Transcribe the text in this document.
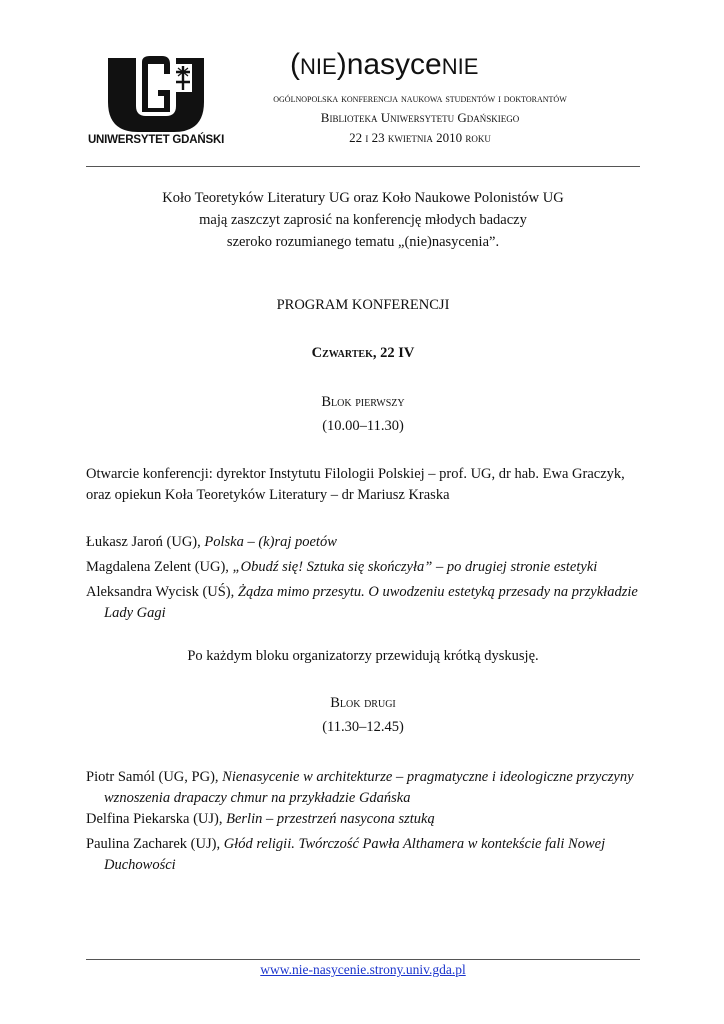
UNIWERSYTET GDAŃSKI
(NIE)nasyceNIE
ogólnopolska konferencja naukowa studentów i doktorantów
Biblioteka Uniwersytetu Gdańskiego
22 i 23 kwietnia 2010 roku
Koło Teoretyków Literatury UG oraz Koło Naukowe Polonistów UG
mają zaszczyt zaprosić na konferencję młodych badaczy
szeroko rozumianego tematu „(nie)nasycenia”.
PROGRAM KONFERENCJI
Czwartek, 22 IV
Blok pierwszy
(10.00–11.30)
Otwarcie konferencji: dyrektor Instytutu Filologii Polskiej – prof. UG, dr hab. Ewa Graczyk, oraz opiekun Koła Teoretyków Literatury – dr Mariusz Kraska
Łukasz Jaroń (UG), Polska – (k)raj poetów
Magdalena Zelent (UG), „Obudź się! Sztuka się skończyła” – po drugiej stronie estetyki
Aleksandra Wycisk (UŚ), Żądza mimo przesytu. O uwodzeniu estetyką przesady na przykładzie Lady Gagi
Po każdym bloku organizatorzy przewidują krótką dyskusję.
Blok drugi
(11.30–12.45)
Piotr Samól (UG, PG), Nienasycenie w architekturze – pragmatyczne i ideologiczne przyczyny wznoszenia drapaczy chmur na przykładzie Gdańska
Delfina Piekarska (UJ), Berlin – przestrzeń nasycona sztuką
Paulina Zacharek (UJ), Głód religii. Twórczość Pawła Althamera w kontekście fali Nowej Duchowości
www.nie-nasycenie.strony.univ.gda.pl
